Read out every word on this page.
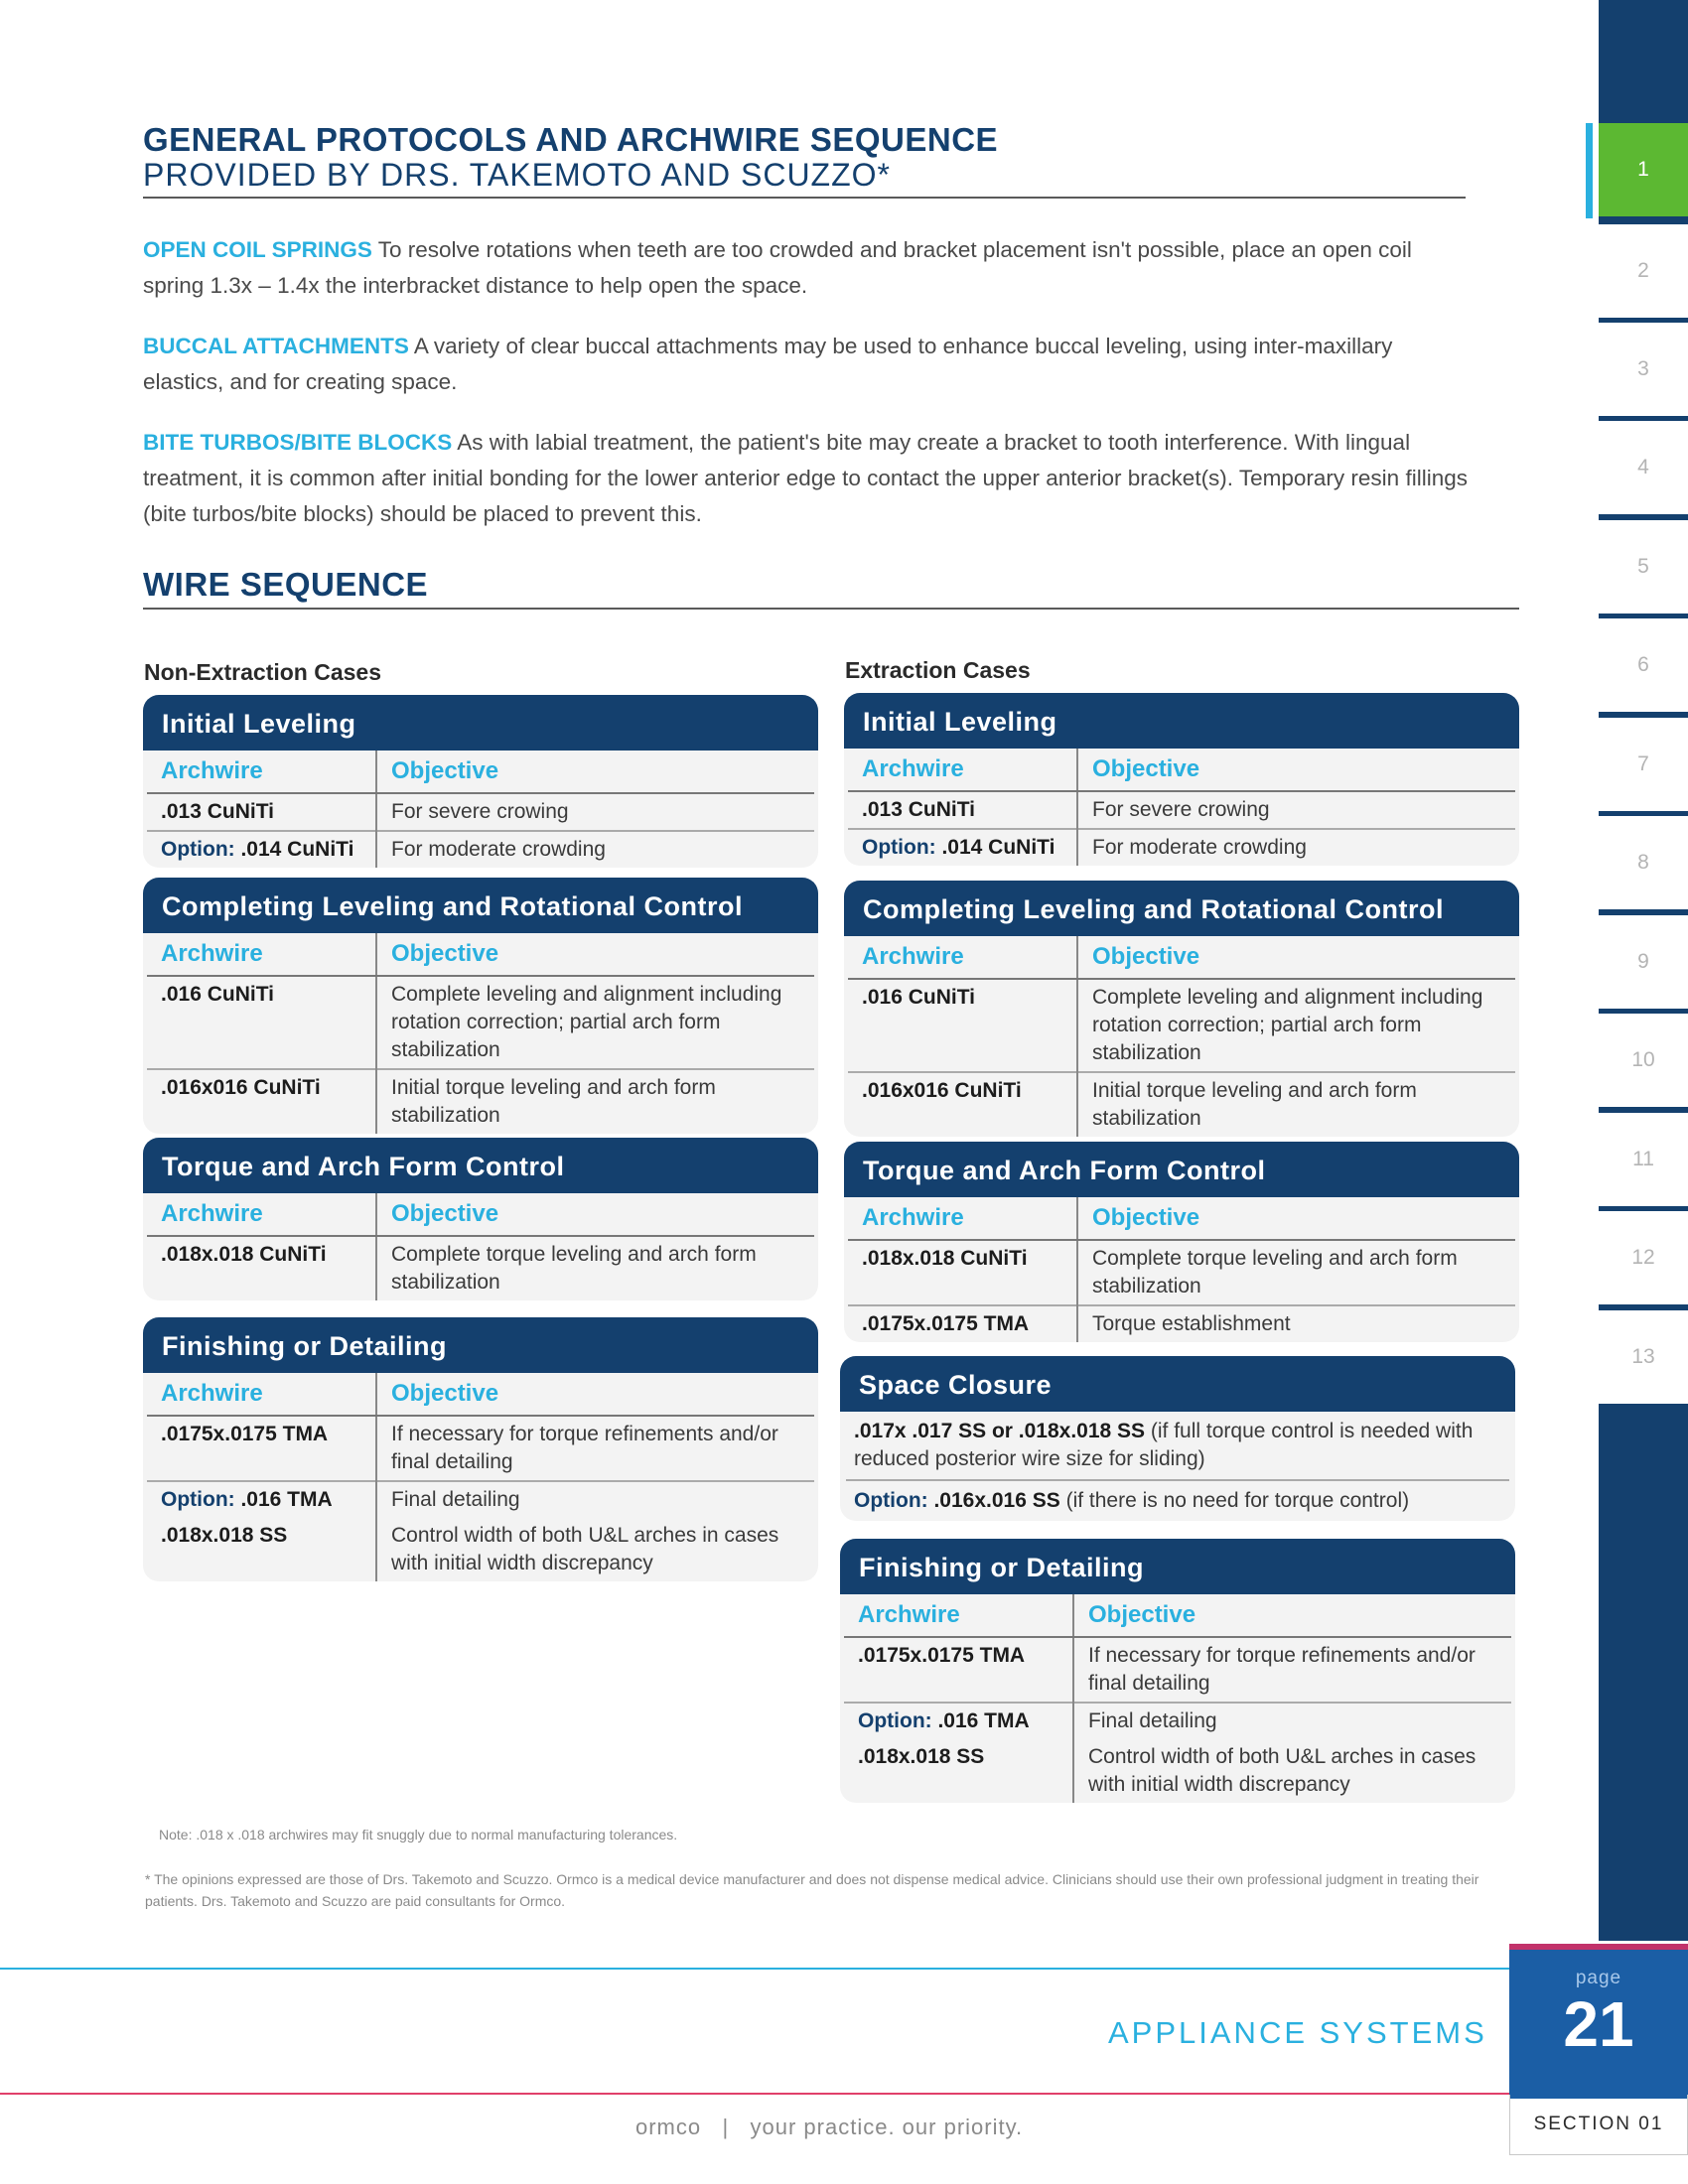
1
2
3
4
5
6
7
8
9
10
11
12
13
GENERAL PROTOCOLS AND ARCHWIRE SEQUENCE
PROVIDED BY DRS. TAKEMOTO AND SCUZZO*
OPEN COIL SPRINGS To resolve rotations when teeth are too crowded and bracket placement isn't possible, place an open coil spring 1.3x – 1.4x the interbracket distance to help open the space.
BUCCAL ATTACHMENTS A variety of clear buccal attachments may be used to enhance buccal leveling, using inter-maxillary elastics, and for creating space.
BITE TURBOS/BITE BLOCKS As with labial treatment, the patient's bite may create a bracket to tooth interference. With lingual treatment, it is common after initial bonding for the lower anterior edge to contact the upper anterior bracket(s). Temporary resin fillings (bite turbos/bite blocks) should be placed to prevent this.
WIRE SEQUENCE
Non-Extraction Cases	Extraction Cases
Initial Leveling
Archwire	Objective
.013 CuNiTi	For severe crowing
Option: .014 CuNiTi	For moderate crowding
Completing Leveling and Rotational Control
Archwire	Objective
.016 CuNiTi	Complete leveling and alignment including rotation correction; partial arch form stabilization
.016x016 CuNiTi	Initial torque leveling and arch form stabilization
Torque and Arch Form Control
Archwire	Objective
.018x.018 CuNiTi	Complete torque leveling and arch form stabilization
Finishing or Detailing
Archwire	Objective
.0175x.0175 TMA	If necessary for torque refinements and/or final detailing
Option: .016 TMA	Final detailing
.018x.018 SS	Control width of both U&L arches in cases with initial width discrepancy
Initial Leveling
Archwire	Objective
.013 CuNiTi	For severe crowing
Option: .014 CuNiTi	For moderate crowding
Completing Leveling and Rotational Control
Archwire	Objective
.016 CuNiTi	Complete leveling and alignment including rotation correction; partial arch form stabilization
.016x016 CuNiTi	Initial torque leveling and arch form stabilization
Torque and Arch Form Control
Archwire	Objective
.018x.018 CuNiTi	Complete torque leveling and arch form stabilization
.0175x.0175 TMA	Torque establishment
Space Closure
.017x .017 SS or .018x.018 SS (if full torque control is needed with reduced posterior wire size for sliding)
Option: .016x.016 SS (if there is no need for torque control)
Finishing or Detailing
Archwire	Objective
.0175x.0175 TMA	If necessary for torque refinements and/or final detailing
Option: .016 TMA	Final detailing
.018x.018 SS	Control width of both U&L arches in cases with initial width discrepancy
Note: .018 x .018 archwires may fit snuggly due to normal manufacturing tolerances.
* The opinions expressed are those of Drs. Takemoto and Scuzzo. Ormco is a medical device manufacturer and does not dispense medical advice. Clinicians should use their own professional judgment in treating their patients. Drs. Takemoto and Scuzzo are paid consultants for Ormco.
APPLIANCE SYSTEMS
page
21
SECTION 01
ormco   |   your practice. our priority.
